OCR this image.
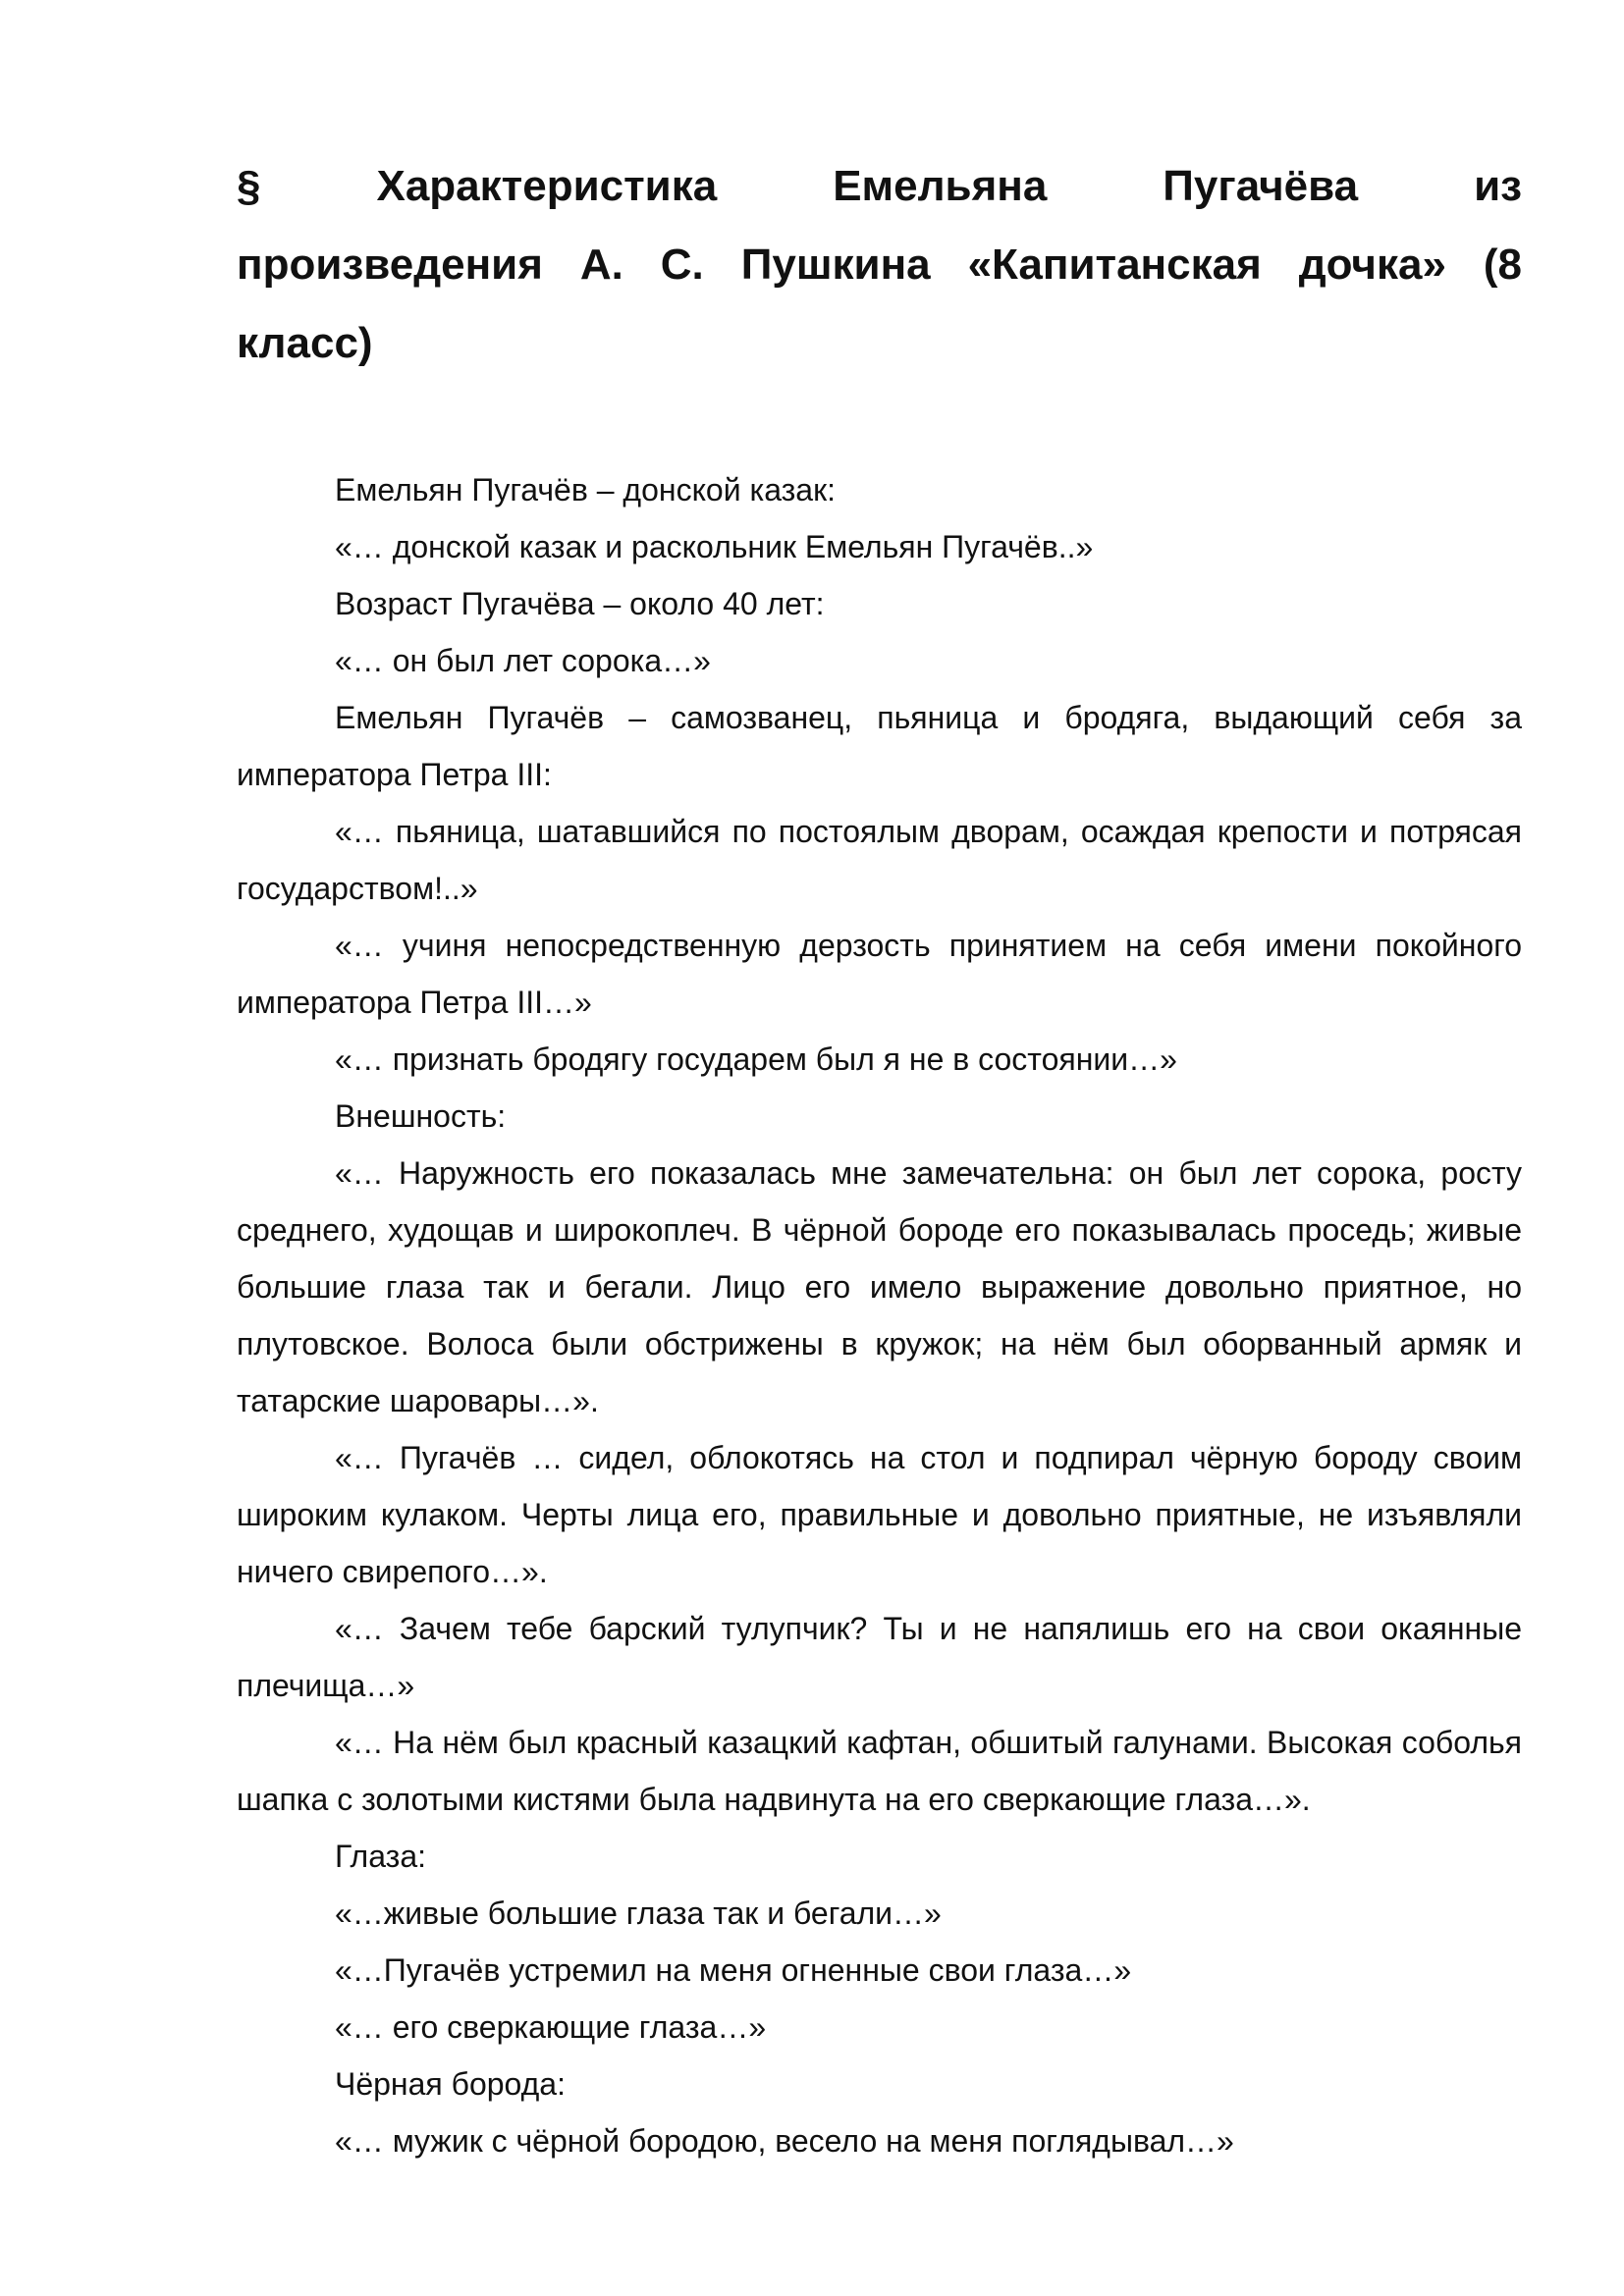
§ Характеристика Емельяна Пугачёва из
произведения А. С. Пушкина «Капитанская дочка» (8
класс)

Емельян Пугачёв – донской казак:

«… донской казак и раскольник Емельян Пугачёв..»

Возраст Пугачёва – около 40 лет:

«… он был лет сорока…»

Емельян Пугачёв – самозванец, пьяница и бродяга, выдающий себя за императора Петра III:

«… пьяница, шатавшийся по постоялым дворам, осаждая крепости и потрясая государством!..»

«… учиня непосредственную дерзость принятием на себя имени покойного императора Петра III…»

«… признать бродягу государем был я не в состоянии…»

Внешность:

«… Наружность его показалась мне замечательна: он был лет сорока, росту среднего, худощав и широкоплеч. В чёрной бороде его показывалась проседь; живые большие глаза так и бегали. Лицо его имело выражение довольно приятное, но плутовское. Волоса были обстрижены в кружок; на нём был оборванный армяк и татарские шаровары…».

«… Пугачёв … сидел, облокотясь на стол и подпирал чёрную бороду своим широким кулаком. Черты лица его, правильные и довольно приятные, не изъявляли ничего свирепого…».

«… Зачем тебе барский тулупчик? Ты и не напялишь его на свои окаянные плечища…»

«… На нём был красный казацкий кафтан, обшитый галунами. Высокая соболья шапка с золотыми кистями была надвинута на его сверкающие глаза…».

Глаза:

«…живые большие глаза так и бегали…»

«…Пугачёв устремил на меня огненные свои глаза…»

«… его сверкающие глаза…»

Чёрная борода:

«… мужик с чёрной бородою, весело на меня поглядывал…»
